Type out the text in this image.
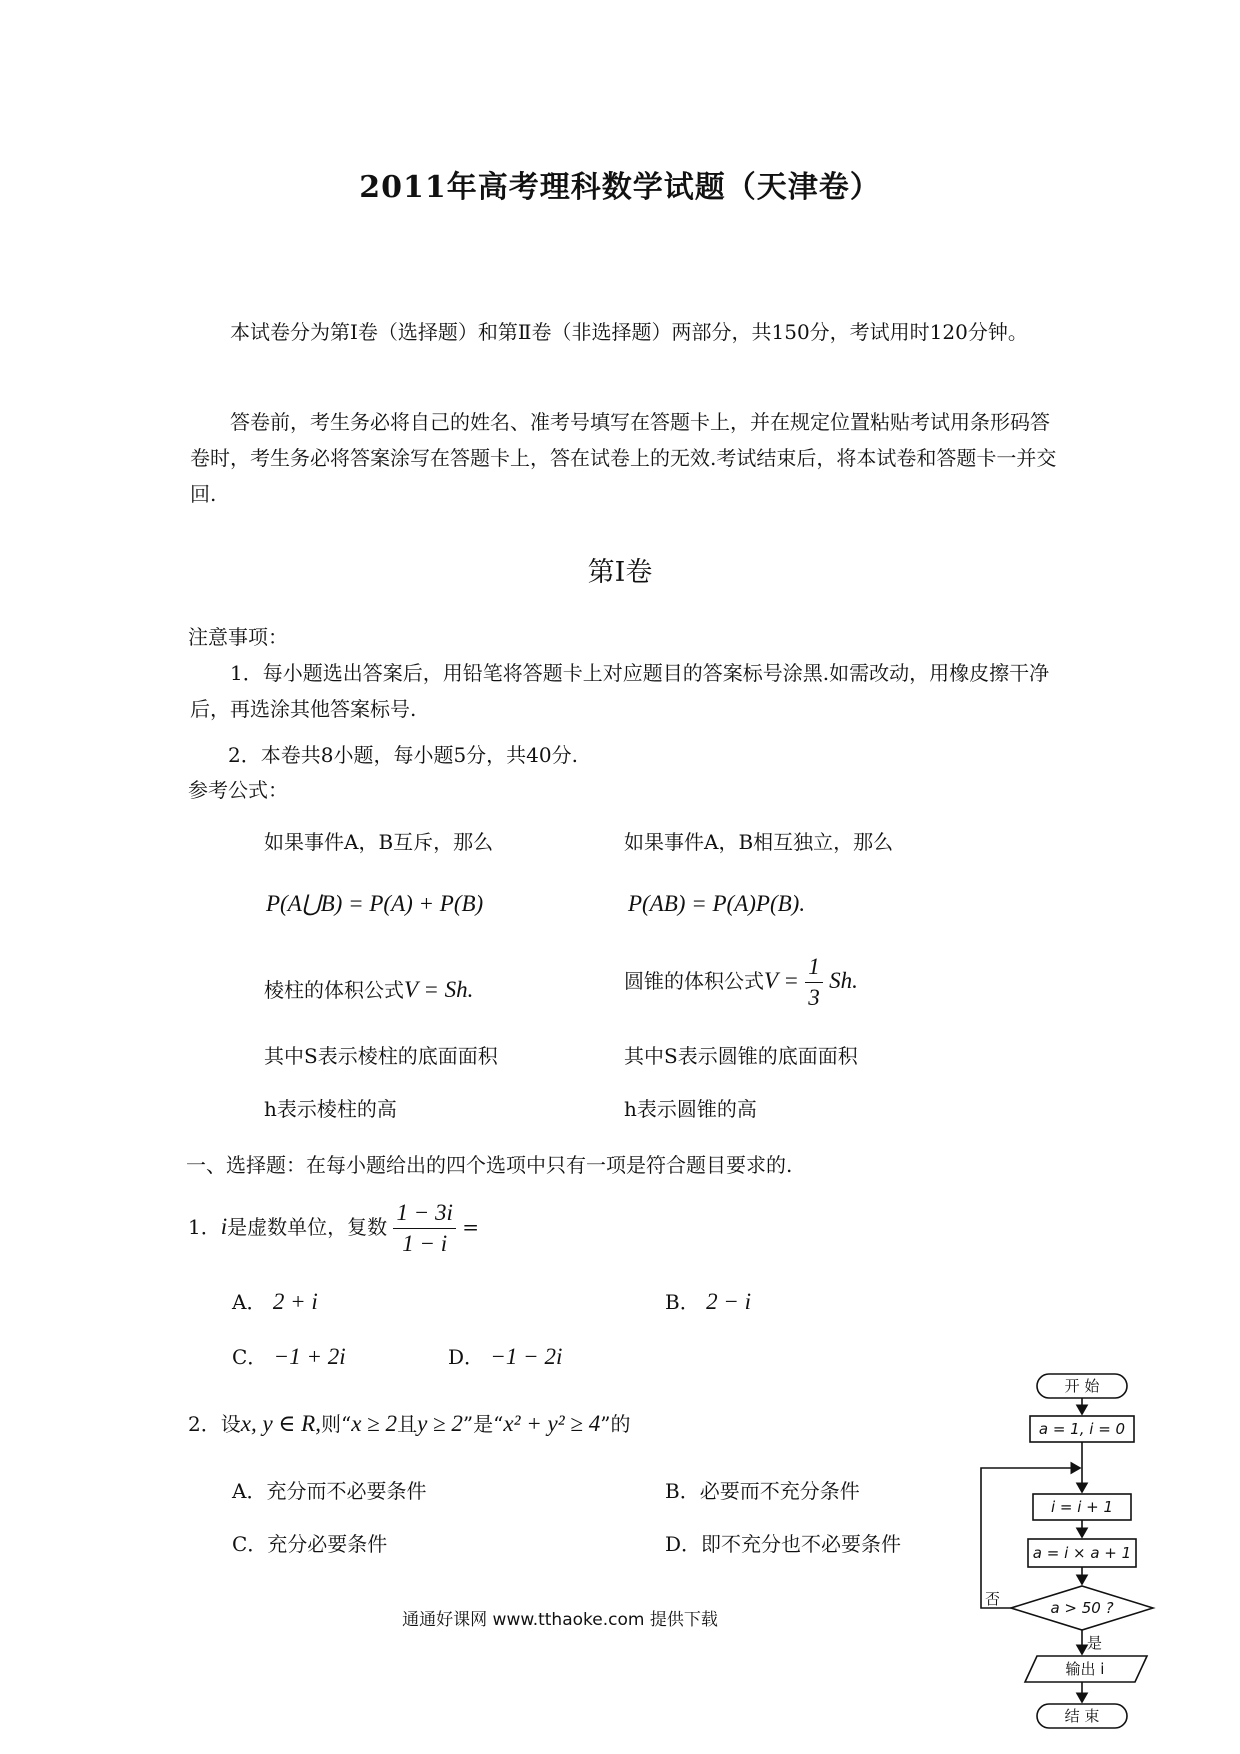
2011年高考理科数学试题（天津卷）
本试卷分为第Ⅰ卷（选择题）和第Ⅱ卷（非选择题）两部分，共150分，考试用时120分钟。
答卷前，考生务必将自己的姓名、准考号填写在答题卡上，并在规定位置粘贴考试用条形码答卷时，考生务必将答案涂写在答题卡上，答在试卷上的无效.考试结束后，将本试卷和答题卡一并交回.
第Ⅰ卷
注意事项：
1．每小题选出答案后，用铅笔将答题卡上对应题目的答案标号涂黑.如需改动，用橡皮擦干净后，再选涂其他答案标号.
2．本卷共8小题，每小题5分，共40分.
参考公式：
如果事件A，B互斥，那么	如果事件A，B相互独立，那么
P(A⋃B) = P(A) + P(B)	P(AB) = P(A)P(B).
棱柱的体积公式V = Sh.	圆锥的体积公式$V = \frac{1}{3} Sh$.
其中S表示棱柱的底面面积	其中S表示圆锥的底面面积
h表示棱柱的高	h表示圆锥的高
一、选择题：在每小题给出的四个选项中只有一项是符合题目要求的.
1．i是虚数单位，复数 $\frac{1 - 3i}{1 - i}$ =
A． 2 + i	B． 2 − i
C． −1 + 2i	D． −1 − 2i
2．设x, y ∈ R,则“x ≥ 2且y ≥ 2”是“x² + y² ≥ 4”的
A．充分而不必要条件	B．必要而不充分条件
C．充分必要条件	D．即不充分也不必要条件
通通好课网 www.tthaoke.com 提供下载
开 始
a = 1, i = 0
i = i + 1
a = i × a + 1
a > 50 ?
否
是
输出 i
结 束
